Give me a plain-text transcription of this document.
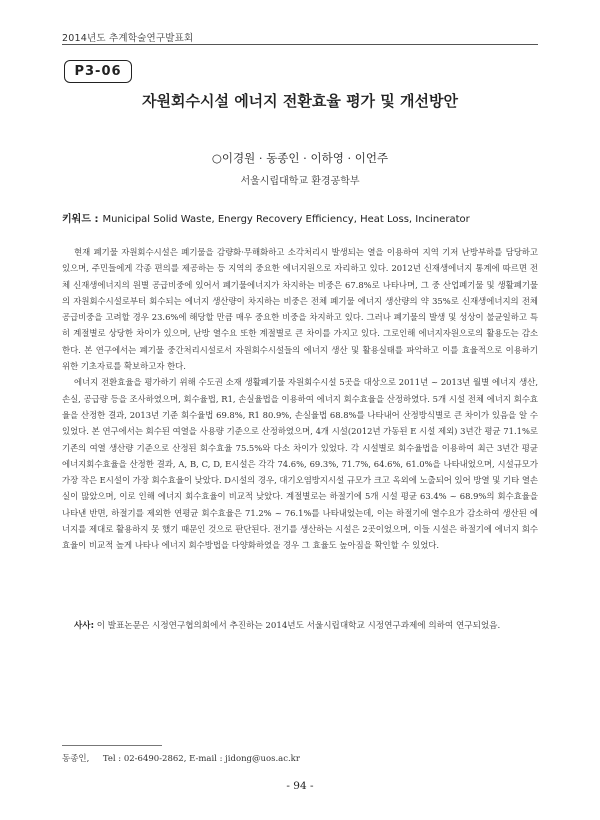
2014년도 추계학술연구발표회
P3-06
자원회수시설 에너지 전환효율 평가 및 개선방안
○이경원 · 동종인 · 이하영 · 이언주
서울시립대학교 환경공학부
키워드 : Municipal Solid Waste, Energy Recovery Efficiency, Heat Loss, Incinerator

현재 폐기물 자원회수시설은 폐기물을 감량화·무해화하고 소각처리시 발생되는 열을 이용하여 지역 기저 난방부하를 담당하고 있으며, 주민들에게 각종 편의를 제공하는 등 지역의 중요한 에너지원으로 자리하고 있다. 2012년 신재생에너지 통계에 따르면 전체 신재생에너지의 원별 공급비중에 있어서 폐기물에너지가 차지하는 비중은 67.8%로 나타나며, 그 중 산업폐기물 및 생활폐기물의 자원회수시설로부터 회수되는 에너지 생산량이 차지하는 비중은 전체 폐기물 에너지 생산량의 약 35%로 신재생에너지의 전체 공급비중을 고려할 경우 23.6%에 해당할 만큼 매우 중요한 비중을 차지하고 있다. 그러나 폐기물의 발생 및 성상이 불균일하고 특히 계절별로 상당한 차이가 있으며, 난방 열수요 또한 계절별로 큰 차이를 가지고 있다. 그로인해 에너지자원으로의 활용도는 감소한다. 본 연구에서는 폐기물 중간처리시설로서 자원회수시설들의 에너지 생산 및 활용실태를 파악하고 이를 효율적으로 이용하기 위한 기초자료를 확보하고자 한다.

에너지 전환효율을 평가하기 위해 수도권 소재 생활폐기물 자원회수시설 5곳을 대상으로 2011년 ~ 2013년 월별 에너지 생산, 손실, 공급량 등을 조사하였으며, 회수율법, R1, 손실율법을 이용하여 에너지 회수효율을 산정하였다. 5개 시설 전체 에너지 회수효율을 산정한 결과, 2013년 기준 회수율법 69.8%, R1 80.9%, 손실율법 68.8%를 나타내어 산정방식별로 큰 차이가 있음을 알 수 있었다. 본 연구에서는 회수된 여열을 사용량 기준으로 산정하였으며, 4개 시설(2012년 가동된 E 시설 제외) 3년간 평균 71.1%로 기존의 여열 생산량 기준으로 산정된 회수효율 75.5%와 다소 차이가 있었다. 각 시설별로 회수율법을 이용하여 최근 3년간 평균 에너지회수효율을 산정한 결과, A, B, C, D, E시설은 각각 74.6%, 69.3%, 71.7%, 64.6%, 61.0%을 나타내었으며, 시설규모가 가장 작은 E시설이 가장 회수효율이 낮았다. D시설의 경우, 대기오염방지시설 규모가 크고 옥외에 노출되어 있어 방열 및 기타 열손실이 많았으며, 이로 인해 에너지 회수효율이 비교적 낮았다. 계절별로는 하절기에 5개 시설 평균 63.4% ~ 68.9%의 회수효율을 나타낸 반면, 하절기를 제외한 연평균 회수효율은 71.2% ~ 76.1%를 나타내었는데, 이는 하절기에 열수요가 감소하여 생산된 에너지를 제대로 활용하지 못 했기 때문인 것으로 판단된다. 전기를 생산하는 시설은 2곳이었으며, 이들 시설은 하절기에 에너지 회수효율이 비교적 높게 나타나 에너지 회수방법을 다양화하였을 경우 그 효율도 높아짐을 확인할 수 있었다.

사사: 이 발표논문은 시정연구협의회에서 추진하는 2014년도 서울시립대학교 시정연구과제에 의하여 연구되었음.
동종인,     Tel : 02-6490-2862, E-mail : jidong@uos.ac.kr
- 94 -
